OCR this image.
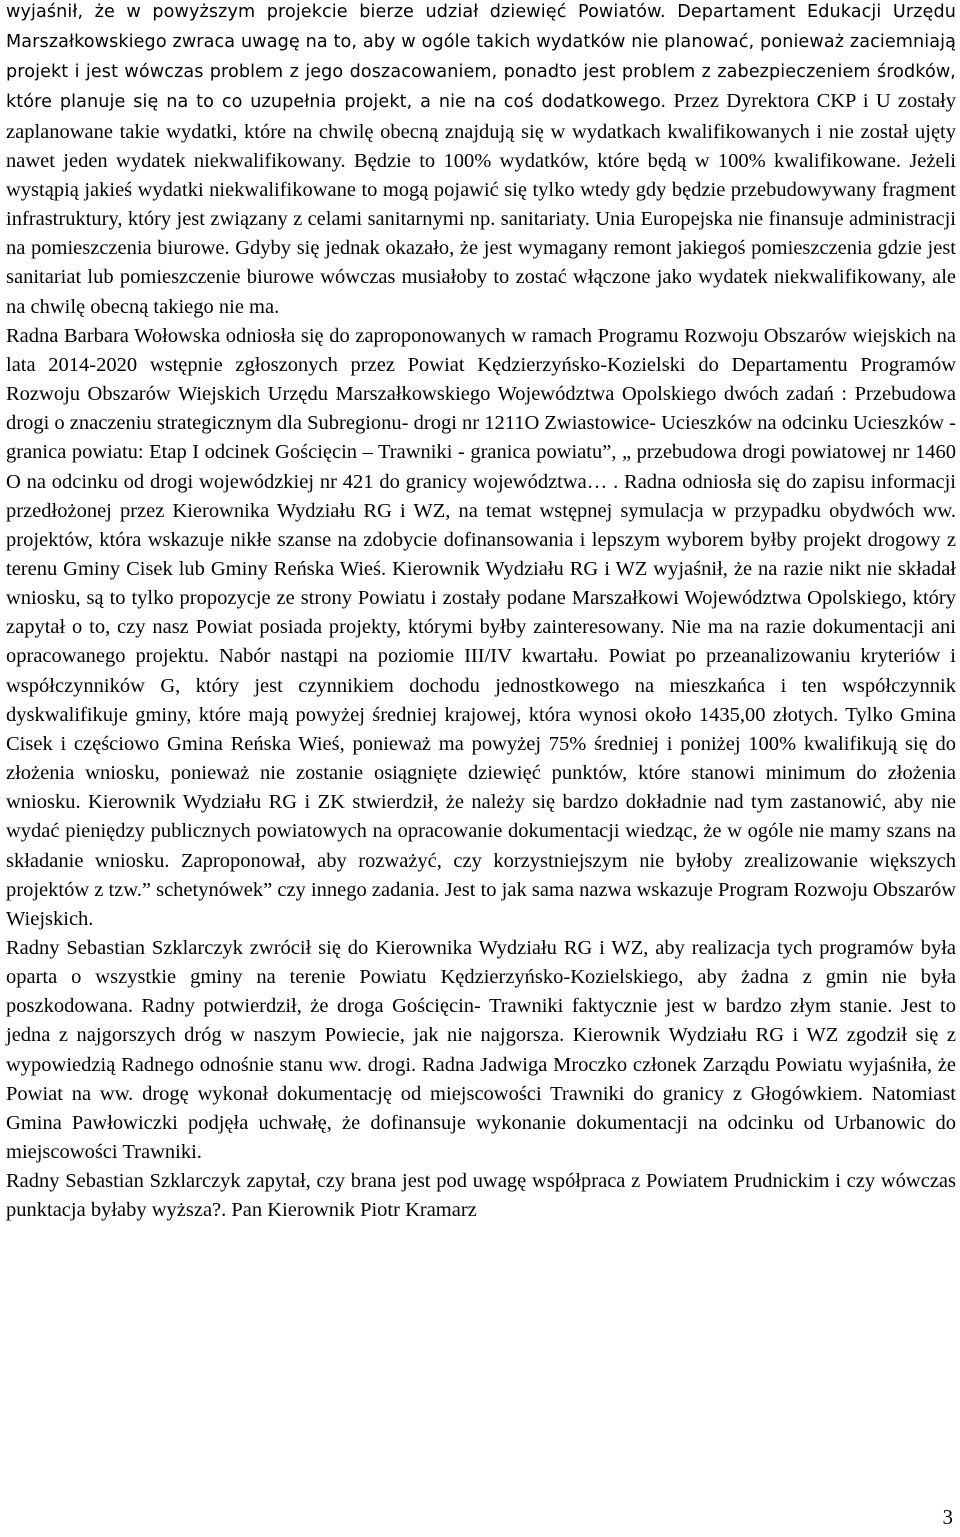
wyjaśnił, że w powyższym projekcie bierze udział dziewięć Powiatów. Departament Edukacji Urzędu Marszałkowskiego zwraca uwagę na to, aby w ogóle takich wydatków nie planować, ponieważ zaciemniają projekt i jest wówczas problem z jego doszacowaniem, ponadto jest problem z zabezpieczeniem środków, które planuje się na to co uzupełnia projekt, a nie na coś dodatkowego. Przez Dyrektora CKP i U zostały zaplanowane takie wydatki, które na chwilę obecną znajdują się w wydatkach kwalifikowanych i nie został ujęty nawet jeden wydatek niekwalifikowany. Będzie to 100% wydatków, które będą w 100% kwalifikowane. Jeżeli wystąpią jakieś wydatki niekwalifikowane to mogą pojawić się tylko wtedy gdy będzie przebudowywany fragment infrastruktury, który jest związany z celami sanitarnymi np. sanitariaty. Unia Europejska nie finansuje administracji na pomieszczenia biurowe. Gdyby się jednak okazało, że jest wymagany remont jakiegoś pomieszczenia gdzie jest sanitariat lub pomieszczenie biurowe wówczas musiałoby to zostać włączone jako wydatek niekwalifikowany, ale na chwilę obecną takiego nie ma.

Radna Barbara Wołowska odniosła się do zaproponowanych w ramach Programu Rozwoju Obszarów wiejskich na lata 2014-2020 wstępnie zgłoszonych przez Powiat Kędzierzyńsko-Kozielski do Departamentu Programów Rozwoju Obszarów Wiejskich Urzędu Marszałkowskiego Województwa Opolskiego dwóch zadań : Przebudowa drogi o znaczeniu strategicznym dla Subregionu- drogi nr 1211O Zwiastowice- Ucieszków na odcinku Ucieszków - granica powiatu: Etap I odcinek Gościęcin – Trawniki - granica powiatu”, „ przebudowa drogi powiatowej nr 1460 O na odcinku od drogi wojewódzkiej nr 421 do granicy województwa… . Radna odniosła się do zapisu informacji przedłożonej przez Kierownika Wydziału RG i WZ, na temat wstępnej symulacja w przypadku obydwóch ww. projektów, która wskazuje nikłe szanse na zdobycie dofinansowania i lepszym wyborem byłby projekt drogowy z terenu Gminy Cisek lub Gminy Reńska Wieś. Kierownik Wydziału RG i WZ wyjaśnił, że na razie nikt nie składał wniosku, są to tylko propozycje ze strony Powiatu i zostały podane Marszałkowi Województwa Opolskiego, który zapytał o to, czy nasz Powiat posiada projekty, którymi byłby zainteresowany. Nie ma na razie dokumentacji ani opracowanego projektu. Nabór nastąpi na poziomie III/IV kwartału. Powiat po przeanalizowaniu kryteriów i współczynników G, który jest czynnikiem dochodu jednostkowego na mieszkańca i ten współczynnik dyskwalifikuje gminy, które mają powyżej średniej krajowej, która wynosi około 1435,00 złotych. Tylko Gmina Cisek i częściowo Gmina Reńska Wieś, ponieważ ma powyżej 75% średniej i poniżej 100% kwalifikują się do złożenia wniosku, ponieważ nie zostanie osiągnięte dziewięć punktów, które stanowi minimum do złożenia wniosku. Kierownik Wydziału RG i ZK stwierdził, że należy się bardzo dokładnie nad tym zastanowić, aby nie wydać pieniędzy publicznych powiatowych na opracowanie dokumentacji wiedząc, że w ogóle nie mamy szans na składanie wniosku. Zaproponował, aby rozważyć, czy korzystniejszym nie byłoby zrealizowanie większych projektów z tzw.” schetynówek” czy innego zadania. Jest to jak sama nazwa wskazuje Program Rozwoju Obszarów Wiejskich.

Radny Sebastian Szklarczyk zwrócił się do Kierownika Wydziału RG i WZ, aby realizacja tych programów była oparta o wszystkie gminy na terenie Powiatu Kędzierzyńsko-Kozielskiego, aby żadna z gmin nie była poszkodowana. Radny potwierdził, że droga Gościęcin- Trawniki faktycznie jest w bardzo złym stanie. Jest to jedna z najgorszych dróg w naszym Powiecie, jak nie najgorsza. Kierownik Wydziału RG i WZ zgodził się z wypowiedzią Radnego odnośnie stanu ww. drogi. Radna Jadwiga Mroczko członek Zarządu Powiatu wyjaśniła, że Powiat na ww. drogę wykonał dokumentację od miejscowości Trawniki do granicy z Głogówkiem. Natomiast Gmina Pawłowiczki podjęła uchwałę, że dofinansuje wykonanie dokumentacji na odcinku od Urbanowic do miejscowości Trawniki.

Radny Sebastian Szklarczyk zapytał, czy brana jest pod uwagę współpraca z Powiatem Prudnickim i czy wówczas punktacja byłaby wyższa?. Pan Kierownik Piotr Kramarz

3
